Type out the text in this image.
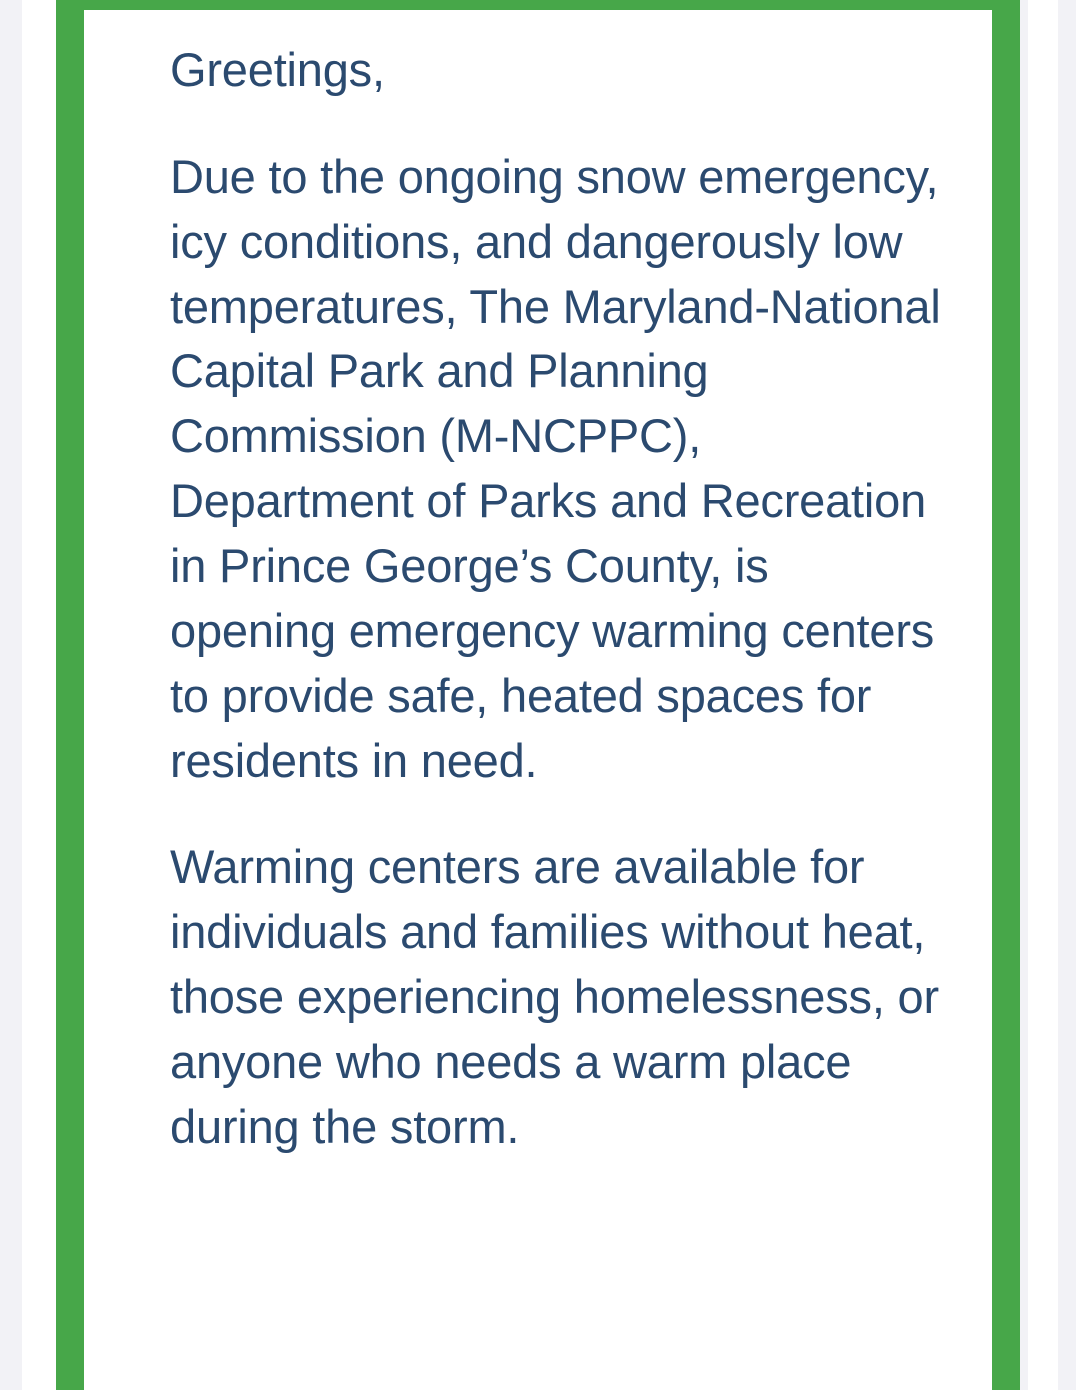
Greetings,

Due to the ongoing snow emergency, icy conditions, and dangerously low temperatures, The Maryland-National Capital Park and Planning Commission (M-NCPPC), Department of Parks and Recreation in Prince George’s County, is opening emergency warming centers to provide safe, heated spaces for residents in need.

Warming centers are available for individuals and families without heat, those experiencing homelessness, or anyone who needs a warm place during the storm.
